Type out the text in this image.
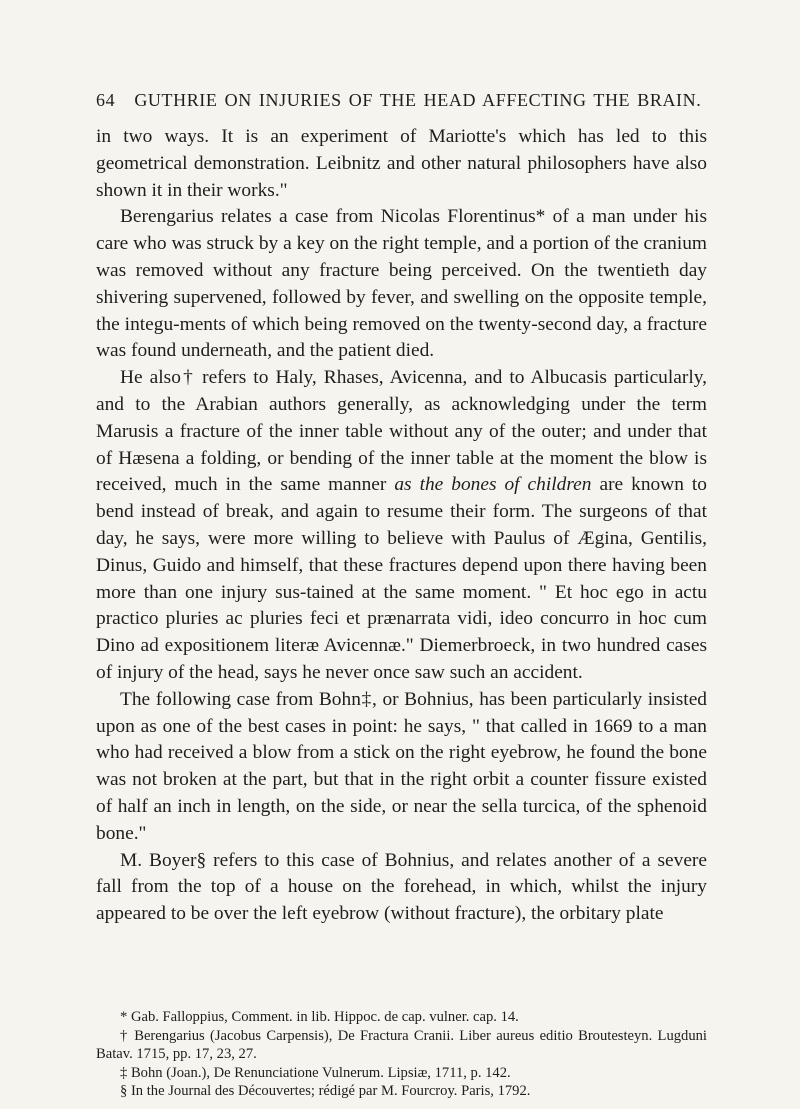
64 GUTHRIE ON INJURIES OF THE HEAD AFFECTING THE BRAIN.

in two ways. It is an experiment of Mariotte's which has led to this geometrical demonstration. Leibnitz and other natural philosophers have also shown it in their works."

Berengarius relates a case from Nicolas Florentinus* of a man under his care who was struck by a key on the right temple, and a portion of the cranium was removed without any fracture being perceived. On the twentieth day shivering supervened, followed by fever, and swelling on the opposite temple, the integu-ments of which being removed on the twenty-second day, a fracture was found underneath, and the patient died.

He also† refers to Haly, Rhases, Avicenna, and to Albucasis particularly, and to the Arabian authors generally, as acknowledging under the term Marusis a fracture of the inner table without any of the outer; and under that of Hæsena a folding, or bending of the inner table at the moment the blow is received, much in the same manner as the bones of children are known to bend instead of break, and again to resume their form. The surgeons of that day, he says, were more willing to believe with Paulus of Ægina, Gentilis, Dinus, Guido and himself, that these fractures depend upon there having been more than one injury sus-tained at the same moment. " Et hoc ego in actu practico pluries ac pluries feci et prænarrata vidi, ideo concurro in hoc cum Dino ad expositionem literæ Avicennæ." Diemerbroeck, in two hundred cases of injury of the head, says he never once saw such an accident.

The following case from Bohn‡, or Bohnius, has been particularly insisted upon as one of the best cases in point: he says, " that called in 1669 to a man who had received a blow from a stick on the right eyebrow, he found the bone was not broken at the part, but that in the right orbit a counter fissure existed of half an inch in length, on the side, or near the sella turcica, of the sphenoid bone."

M. Boyer§ refers to this case of Bohnius, and relates another of a severe fall from the top of a house on the forehead, in which, whilst the injury appeared to be over the left eyebrow (without fracture), the orbitary plate

* Gab. Falloppius, Comment. in lib. Hippoc. de cap. vulner. cap. 14.

† Berengarius (Jacobus Carpensis), De Fractura Cranii. Liber aureus editio Broutesteyn. Lugduni Batav. 1715, pp. 17, 23, 27.

‡ Bohn (Joan.), De Renunciatione Vulnerum. Lipsiæ, 1711, p. 142.

§ In the Journal des Découvertes; rédigé par M. Fourcroy. Paris, 1792.
